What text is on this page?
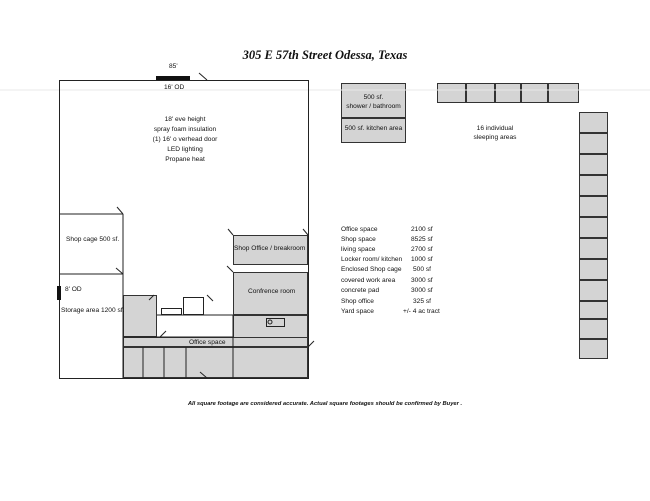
305 E 57th Street Odessa, Texas
85'
16' OD
18' eve height
spray foam insulation
(1) 16' o verhead door
LED lighting
Propane heat
Shop cage 500 sf.
8' OD
Storage area 1200 sf.
Shop Office / breakroom
Confrence room
Office space
500 sf.
shower / bathroom
500 sf. kitchen area	16 individual
sleeping areas
Office space	2100 sf
Shop space	8525 sf
living space	2700 sf
Locker room/ kitchen 1000 sf
Enclosed Shop cage 500 sf
covered work area 3000 sf
concrete pad	3000 sf
Shop office	325 sf
Yard space	+/- 4 ac tract
All square footage are considered accurate. Actual square footages should be confirmed by Buyer .
